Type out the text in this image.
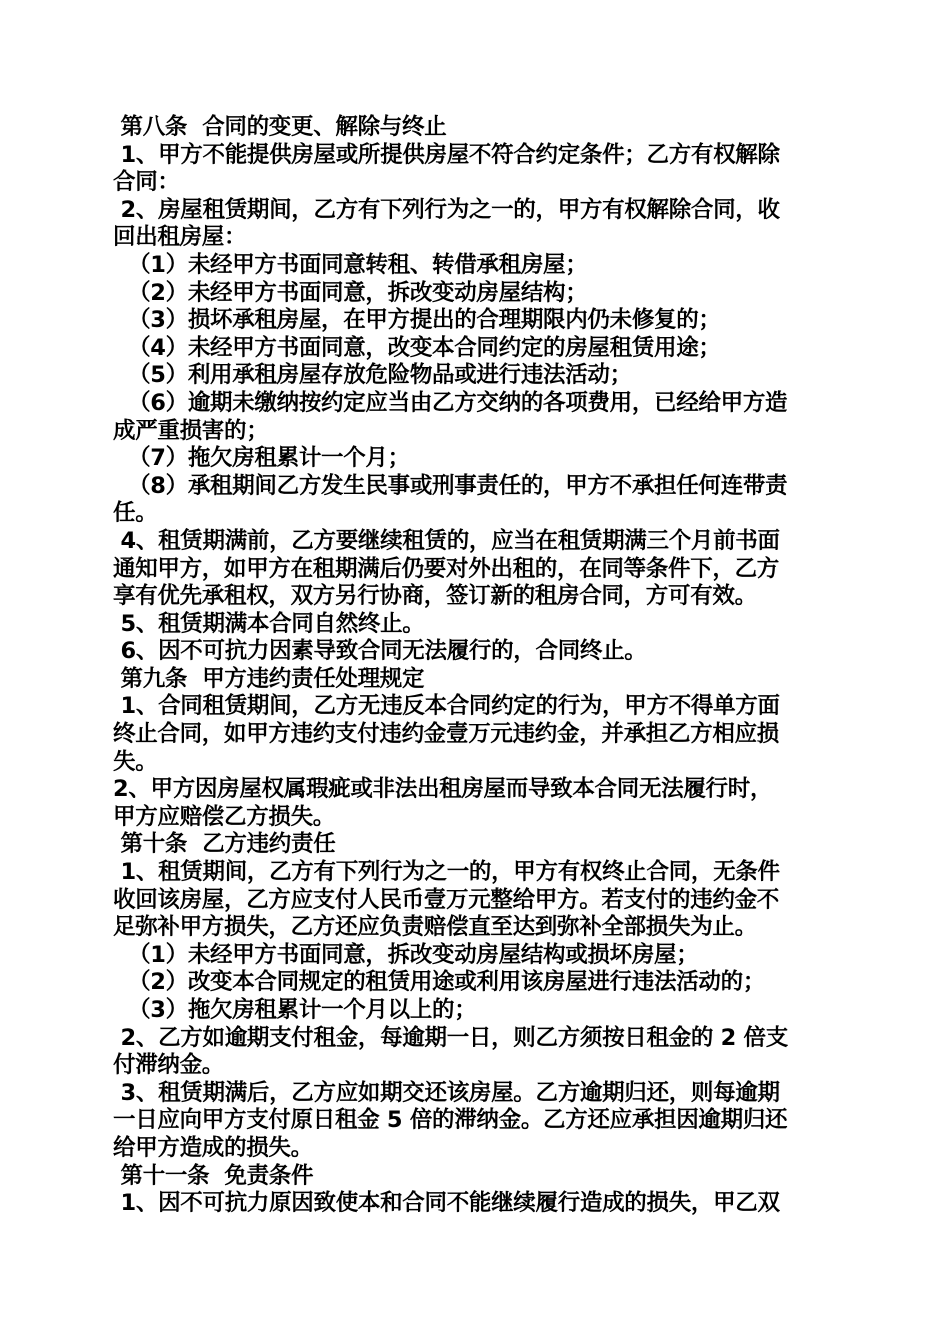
第八条  合同的变更、解除与终止
1、甲方不能提供房屋或所提供房屋不符合约定条件；乙方有权解除
合同：
2、房屋租赁期间，乙方有下列行为之一的，甲方有权解除合同，收
回出租房屋：
（1）未经甲方书面同意转租、转借承租房屋；
（2）未经甲方书面同意，拆改变动房屋结构；
（3）损坏承租房屋，在甲方提出的合理期限内仍未修复的；
（4）未经甲方书面同意，改变本合同约定的房屋租赁用途；
（5）利用承租房屋存放危险物品或进行违法活动；
（6）逾期未缴纳按约定应当由乙方交纳的各项费用，已经给甲方造
成严重损害的；
（7）拖欠房租累计一个月；
（8）承租期间乙方发生民事或刑事责任的，甲方不承担任何连带责
任。
4、租赁期满前，乙方要继续租赁的，应当在租赁期满三个月前书面
通知甲方，如甲方在租期满后仍要对外出租的，在同等条件下，乙方
享有优先承租权，双方另行协商，签订新的租房合同，方可有效。
5、租赁期满本合同自然终止。
6、因不可抗力因素导致合同无法履行的，合同终止。
第九条  甲方违约责任处理规定
1、合同租赁期间，乙方无违反本合同约定的行为，甲方不得单方面
终止合同，如甲方违约支付违约金壹万元违约金，并承担乙方相应损
失。
2、甲方因房屋权属瑕疵或非法出租房屋而导致本合同无法履行时，
甲方应赔偿乙方损失。
第十条  乙方违约责任
1、租赁期间，乙方有下列行为之一的，甲方有权终止合同，无条件
收回该房屋，乙方应支付人民币壹万元整给甲方。若支付的违约金不
足弥补甲方损失，乙方还应负责赔偿直至达到弥补全部损失为止。
（1）未经甲方书面同意，拆改变动房屋结构或损坏房屋；
（2）改变本合同规定的租赁用途或利用该房屋进行违法活动的；
（3）拖欠房租累计一个月以上的；
2、乙方如逾期支付租金，每逾期一日，则乙方须按日租金的 2 倍支
付滞纳金。
3、租赁期满后，乙方应如期交还该房屋。乙方逾期归还，则每逾期
一日应向甲方支付原日租金 5 倍的滞纳金。乙方还应承担因逾期归还
给甲方造成的损失。
第十一条  免责条件
1、因不可抗力原因致使本和合同不能继续履行造成的损失，甲乙双
